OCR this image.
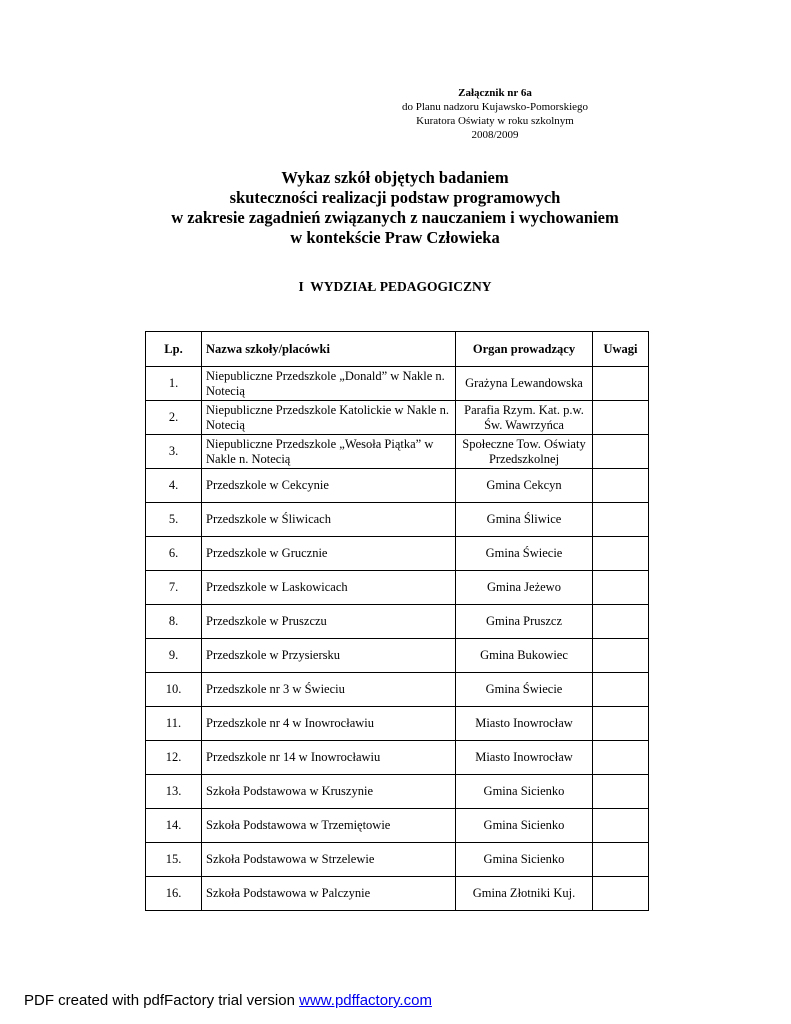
Załącznik nr 6a
do Planu nadzoru Kujawsko-Pomorskiego
Kuratora Oświaty w roku szkolnym 2008/2009
Wykaz szkół objętych badaniem
skuteczności realizacji podstaw programowych
w zakresie zagadnień związanych z nauczaniem i wychowaniem
w kontekście Praw Człowieka
I  WYDZIAŁ PEDAGOGICZNY
Lp.	Nazwa szkoły/placówki	Organ prowadzący	Uwagi
1.	Niepubliczne Przedszkole „Donald” w Nakle n. Notecią	Grażyna Lewandowska	
2.	Niepubliczne Przedszkole Katolickie w Nakle n. Notecią	Parafia Rzym. Kat. p.w. Św. Wawrzyńca	
3.	Niepubliczne Przedszkole „Wesoła Piątka” w Nakle n. Notecią	Społeczne Tow. Oświaty Przedszkolnej	
4.	Przedszkole w Cekcynie	Gmina Cekcyn	
5.	Przedszkole w Śliwicach	Gmina Śliwice	
6.	Przedszkole w Grucznie	Gmina Świecie	
7.	Przedszkole w Laskowicach	Gmina Jeżewo	
8.	Przedszkole w Pruszczu	Gmina Pruszcz	
9.	Przedszkole w Przysiersku	Gmina Bukowiec	
10.	Przedszkole nr 3 w Świeciu	Gmina Świecie	
11.	Przedszkole nr 4 w Inowrocławiu	Miasto Inowrocław	
12.	Przedszkole nr 14 w Inowrocławiu	Miasto Inowrocław	
13.	Szkoła Podstawowa w Kruszynie	Gmina Sicienko	
14.	Szkoła Podstawowa w Trzemiętowie	Gmina Sicienko	
15.	Szkoła Podstawowa w Strzelewie	Gmina Sicienko	
16.	Szkoła Podstawowa w Palczynie	Gmina Złotniki Kuj.	
PDF created with pdfFactory trial version www.pdffactory.com
